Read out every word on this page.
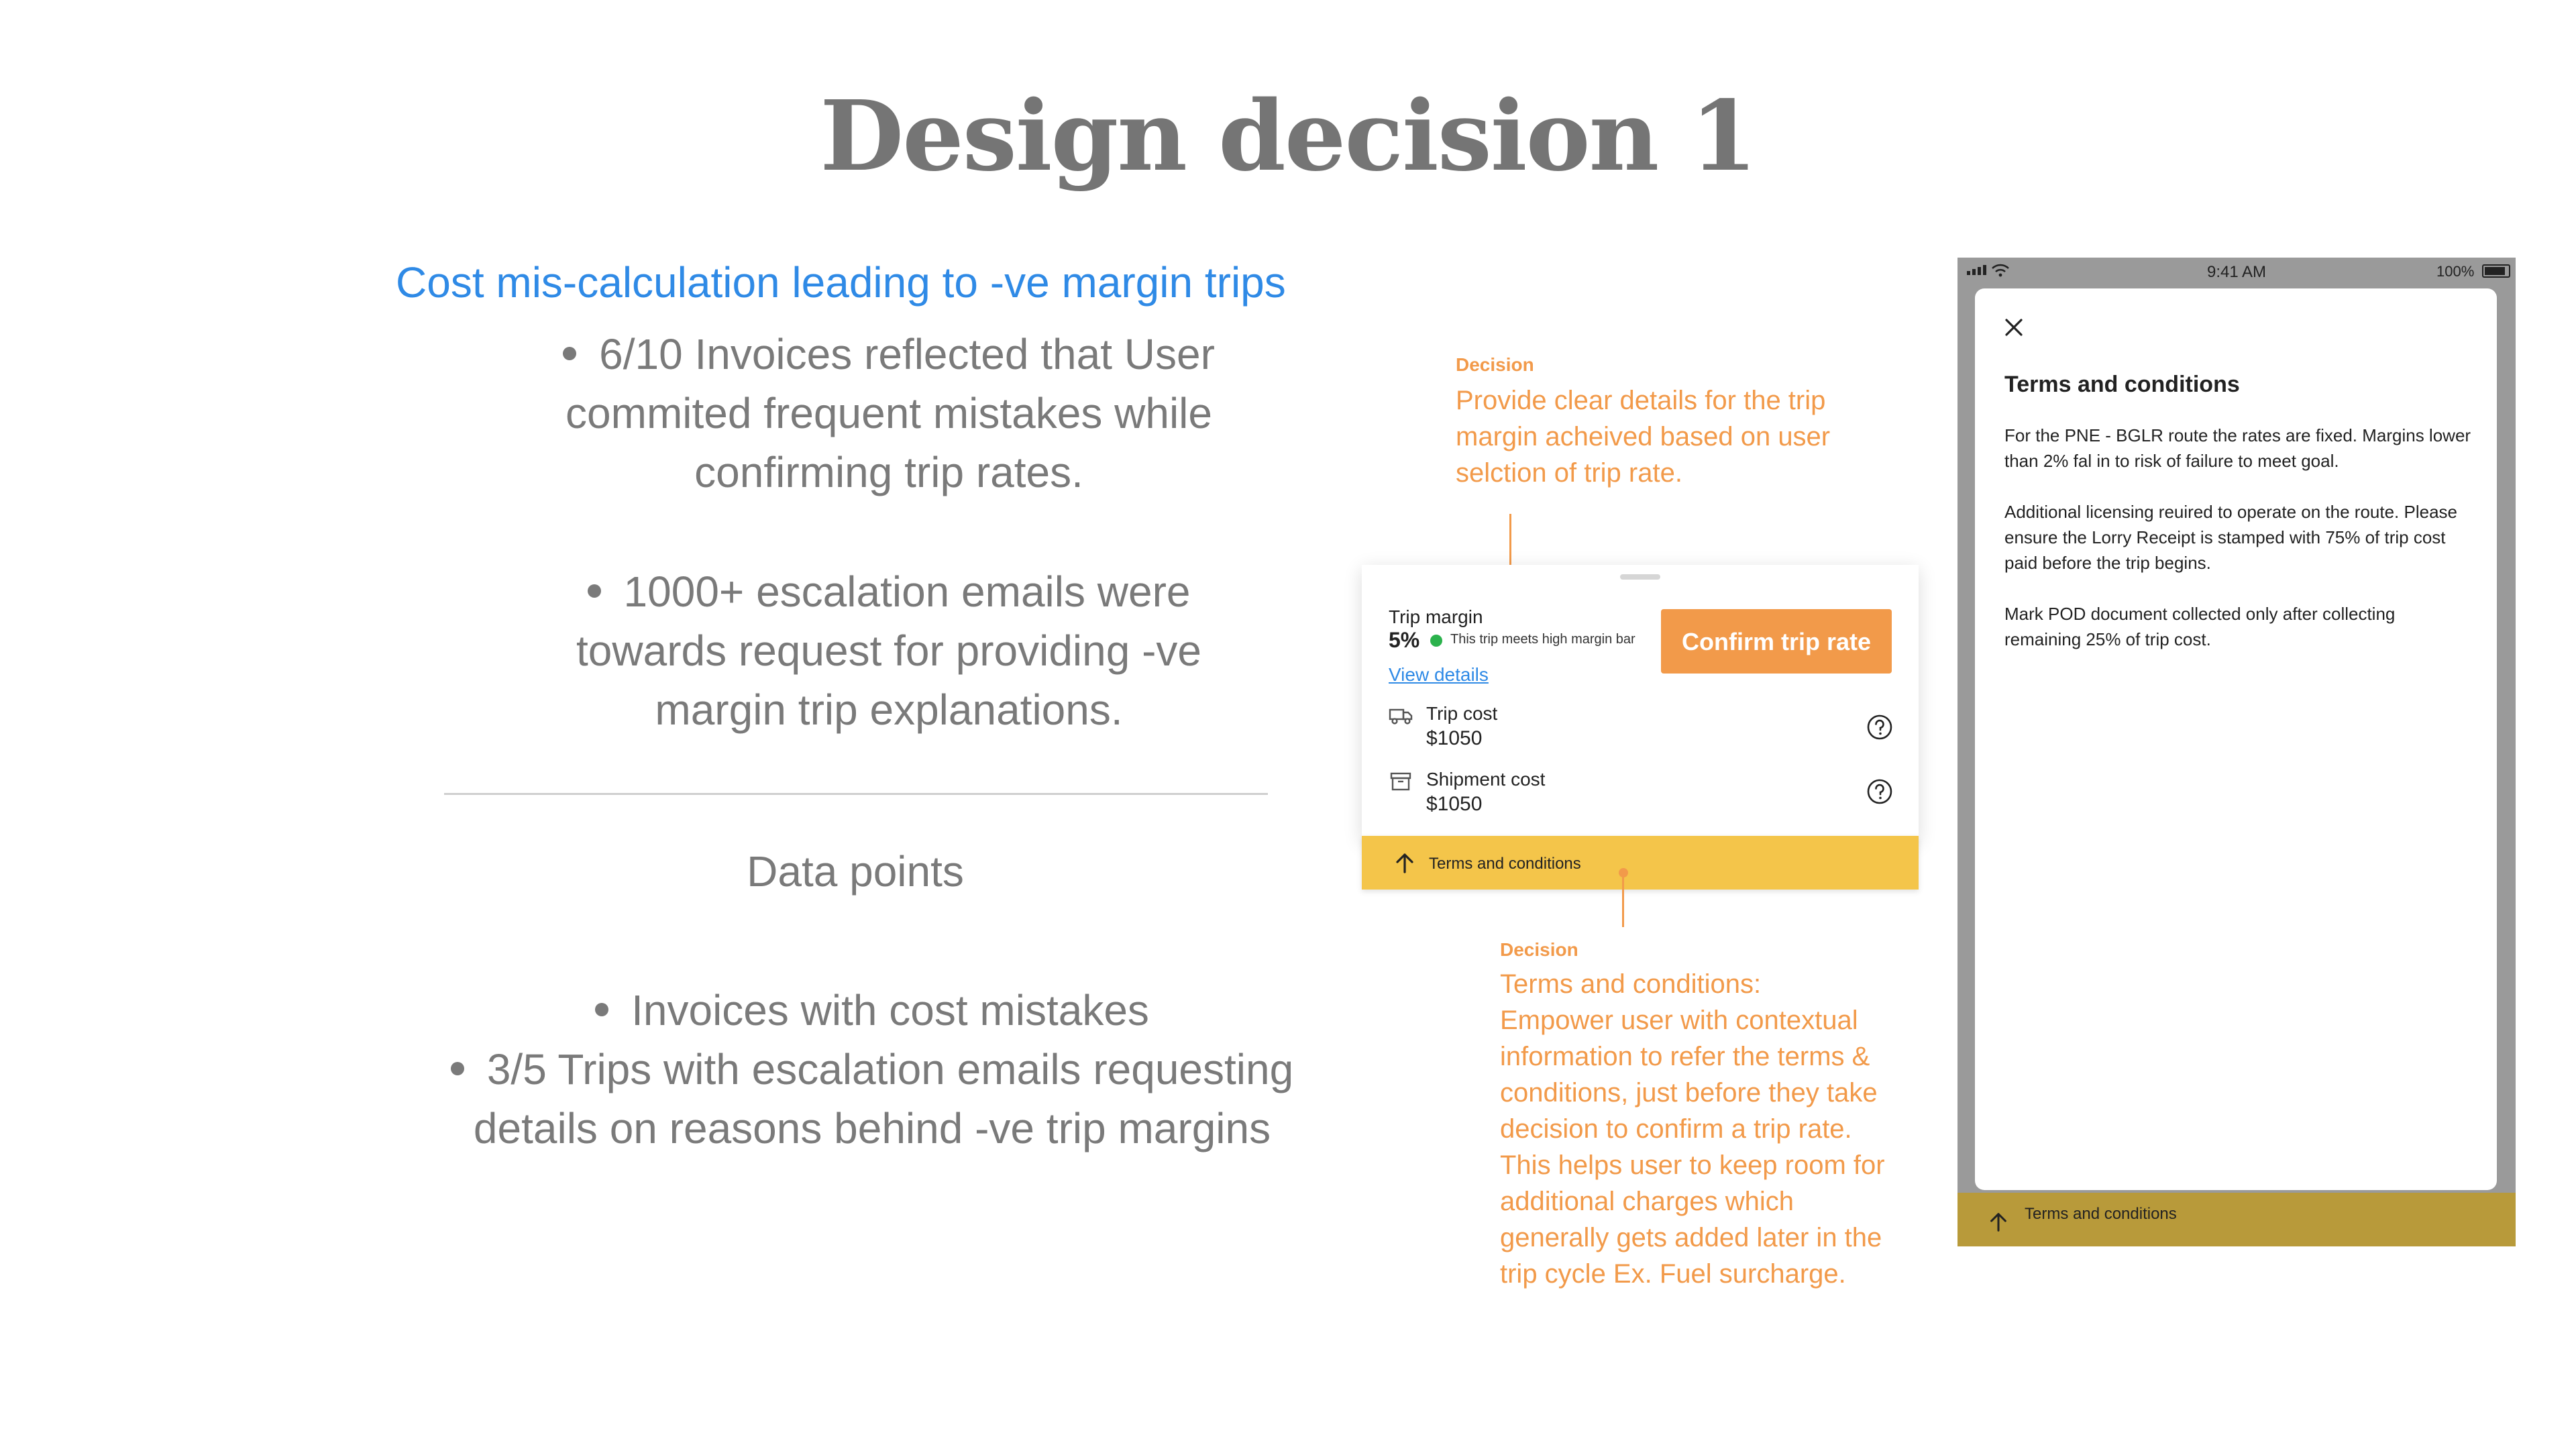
Design decision 1
Cost mis-calculation leading to -ve margin trips
6/10 Invoices reflected that User
commited frequent mistakes while
confirming trip rates.
1000+ escalation emails were
towards request for providing -ve
margin trip explanations.
Data points
Invoices with cost mistakes
3/5 Trips with escalation emails requesting
details on reasons behind -ve trip margins
Decision
Provide clear details for the trip
margin acheived based on user
selction of trip rate.
Trip margin
5% This trip meets high margin bar
View details
Confirm trip rate
Trip cost
$1050
Shipment cost
$1050
Terms and conditions
Decision
Terms and conditions:
Empower user with contextual
information to refer the terms &
conditions, just before they take
decision to confirm a trip rate.
This helps user to keep room for
additional charges which
generally gets added later in the
trip cycle Ex. Fuel surcharge.
9:41 AM	100%
Terms and conditions

For the PNE - BGLR route the rates are fixed. Margins lower than 2% fal in to risk of failure to meet goal.

Additional licensing reuired to operate on the route. Please ensure the Lorry Receipt is stamped with 75% of trip cost paid before the trip begins.

Mark POD document collected only after collecting remaining 25% of trip cost.

Terms and conditions
